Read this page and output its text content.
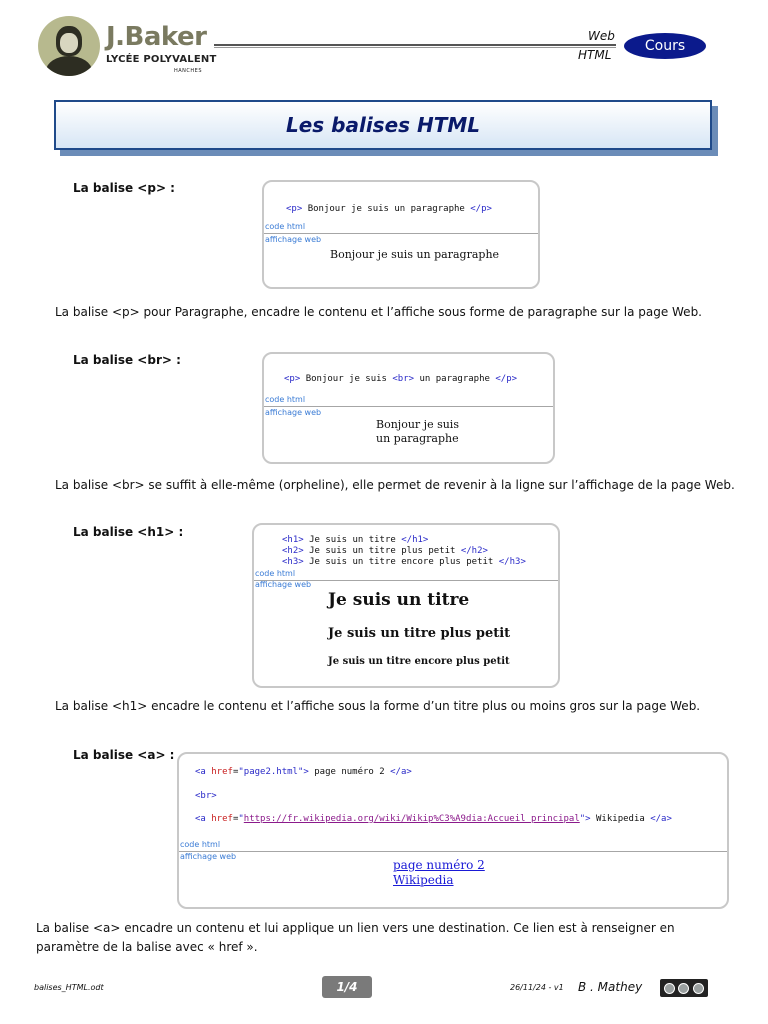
J.Baker
LYCÉE POLYVALENT
HANCHES
Web
HTML
Cours
Les balises HTML
La balise <p> :
<p> Bonjour je suis un paragraphe </p>
code html
affichage web
Bonjour je suis un paragraphe
La balise <p> pour Paragraphe, encadre le contenu et l’affiche sous forme de paragraphe sur la page Web.
La balise <br> :
<p> Bonjour je suis <br> un paragraphe </p>
code html
affichage web
Bonjour je suis
un paragraphe
La balise <br> se suffit à elle-même (orpheline), elle permet de revenir à la ligne sur l’affichage de la page Web.
La balise <h1> :
<h1> Je suis un titre </h1>
<h2> Je suis un titre plus petit </h2>
<h3> Je suis un titre encore plus petit </h3>
code html
affichage web
Je suis un titre
Je suis un titre plus petit
Je suis un titre encore plus petit
La balise <h1> encadre le contenu et l’affiche sous la forme d’un titre plus ou moins gros sur la page Web.
La balise <a> :
<a href="page2.html"> page numéro 2 </a>
<br>
<a href="https://fr.wikipedia.org/wiki/Wikip%C3%A9dia:Accueil_principal"> Wikipedia </a>
code html
affichage web
page numéro 2
Wikipedia
La balise <a> encadre un contenu et lui applique un lien vers une destination. Ce lien est à renseigner en
paramètre de la balise avec « href ».
balises_HTML.odt	1/4	26/11/24 - v1 B . Mathey
